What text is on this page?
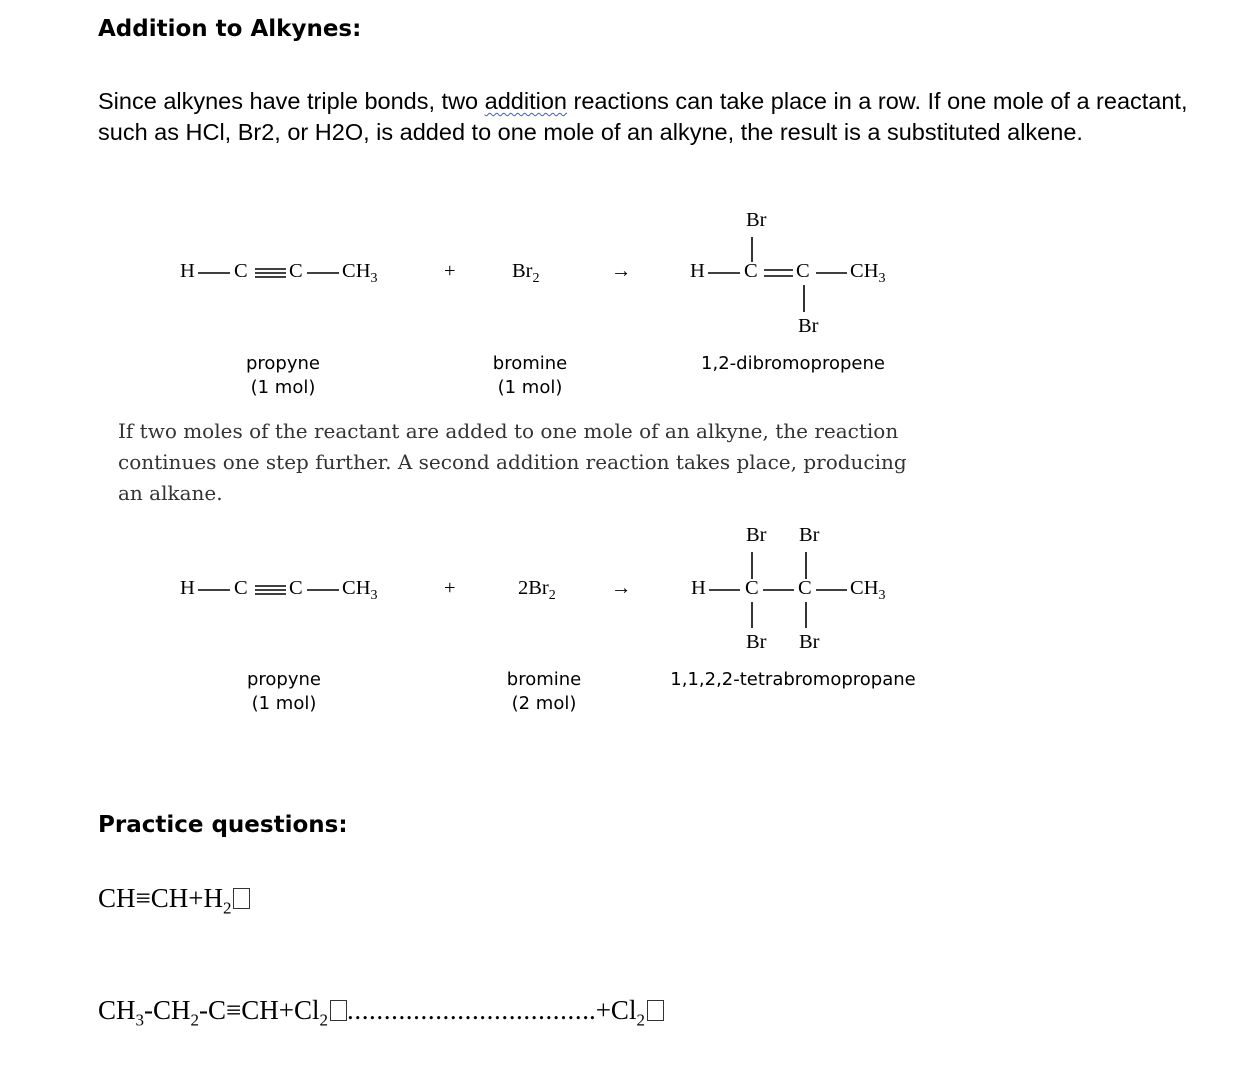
Addition to Alkynes:
Since alkynes have triple bonds, two addition reactions can take place in a row. If one mole of a reactant, such as HCl, Br2, or H2O, is added to one mole of an alkyne, the result is a substituted alkene.
H C C $CH_3$	+	$Br_2$	→
Br
H C C $CH_3$
Br
propyne
(1 mol)
bromine
(1 mol)
1,2-dibromopropene
If two moles of the reactant are added to one mole of an alkyne, the reaction continues one step further. A second addition reaction takes place, producing an alkane.
H C C $CH_3$	+	$2Br_2$	→
Br Br
H C C $CH_3$
Br Br
propyne
(1 mol)
bromine
(2 mol)
1,1,2,2-tetrabromopropane
Practice questions:
$CH\equiv CH+H_2$
$CH_3-CH_2-C\equiv CH+Cl_2$ $..................................+Cl_2$
